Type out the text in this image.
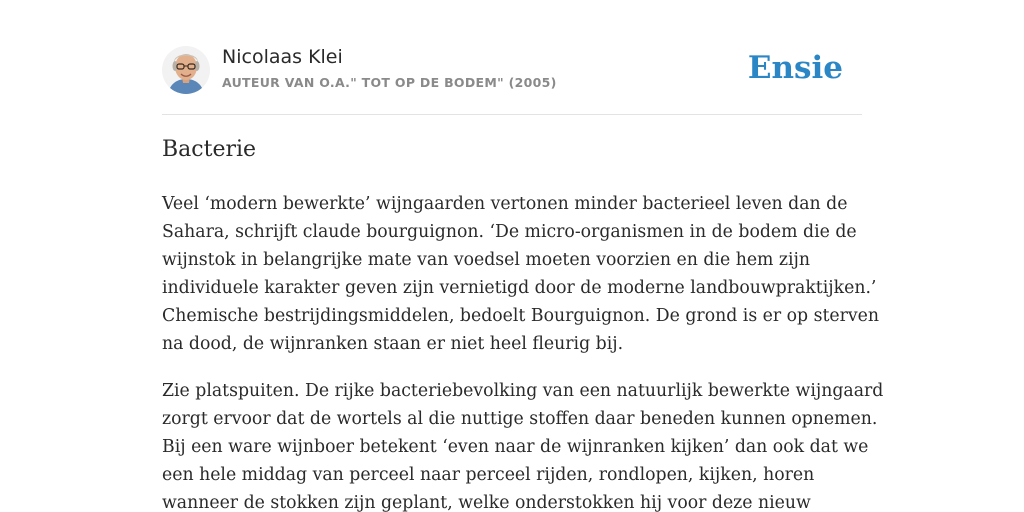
Nicolaas Klei
AUTEUR VAN O.A." TOT OP DE BODEM" (2005)	Ensie
Bacterie

Veel ‘modern bewerkte’ wijngaarden vertonen minder bacterieel leven dan de
Sahara, schrijft claude bourguignon. ‘De micro-organismen in de bodem die de
wijnstok in belangrijke mate van voedsel moeten voorzien en die hem zijn
individuele karakter geven zijn vernietigd door de moderne landbouwpraktijken.’
Chemische bestrijdingsmiddelen, bedoelt Bourguignon. De grond is er op sterven
na dood, de wijnranken staan er niet heel fleurig bij.

Zie platspuiten. De rijke bacteriebevolking van een natuurlijk bewerkte wijngaard
zorgt ervoor dat de wortels al die nuttige stoffen daar beneden kunnen opnemen.
Bij een ware wijnboer betekent ‘even naar de wijnranken kijken’ dan ook dat we
een hele middag van perceel naar perceel rijden, rondlopen, kijken, horen
wanneer de stokken zijn geplant, welke onderstokken hij voor deze nieuw
